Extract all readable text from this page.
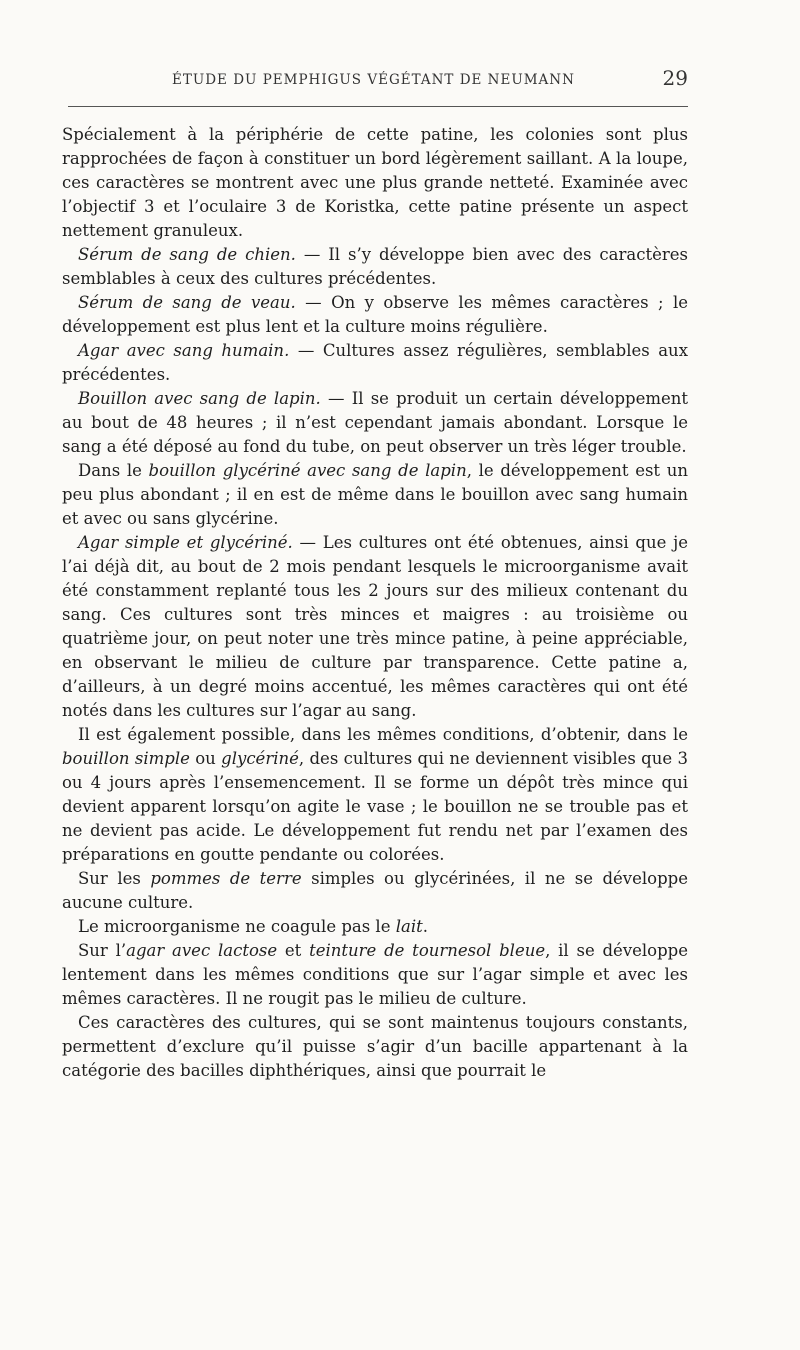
ÉTUDE DU PEMPHIGUS VÉGÉTANT DE NEUMANN	29

Spécialement à la périphérie de cette patine, les colonies sont plus rapprochées de façon à constituer un bord légèrement saillant. A la loupe, ces caractères se montrent avec une plus grande netteté. Examinée avec l’objectif 3 et l’oculaire 3 de Koristka, cette patine présente un aspect nettement granuleux.

Sérum de sang de chien. — Il s’y développe bien avec des caractères semblables à ceux des cultures précédentes.

Sérum de sang de veau. — On y observe les mêmes caractères ; le développement est plus lent et la culture moins régulière.

Agar avec sang humain. — Cultures assez régulières, semblables aux précédentes.

Bouillon avec sang de lapin. — Il se produit un certain développement au bout de 48 heures ; il n’est cependant jamais abondant. Lorsque le sang a été déposé au fond du tube, on peut observer un très léger trouble.

Dans le bouillon glycériné avec sang de lapin, le développement est un peu plus abondant ; il en est de même dans le bouillon avec sang humain et avec ou sans glycérine.

Agar simple et glycériné. — Les cultures ont été obtenues, ainsi que je l’ai déjà dit, au bout de 2 mois pendant lesquels le microorganisme avait été constamment replanté tous les 2 jours sur des milieux contenant du sang. Ces cultures sont très minces et maigres : au troisième ou quatrième jour, on peut noter une très mince patine, à peine appréciable, en observant le milieu de culture par transparence. Cette patine a, d’ailleurs, à un degré moins accentué, les mêmes caractères qui ont été notés dans les cultures sur l’agar au sang.

Il est également possible, dans les mêmes conditions, d’obtenir, dans le bouillon simple ou glycériné, des cultures qui ne deviennent visibles que 3 ou 4 jours après l’ensemencement. Il se forme un dépôt très mince qui devient apparent lorsqu’on agite le vase ; le bouillon ne se trouble pas et ne devient pas acide. Le développement fut rendu net par l’examen des préparations en goutte pendante ou colorées.

Sur les pommes de terre simples ou glycérinées, il ne se développe aucune culture.

Le microorganisme ne coagule pas le lait.

Sur l’agar avec lactose et teinture de tournesol bleue, il se développe lentement dans les mêmes conditions que sur l’agar simple et avec les mêmes caractères. Il ne rougit pas le milieu de culture.

Ces caractères des cultures, qui se sont maintenus toujours constants, permettent d’exclure qu’il puisse s’agir d’un bacille appartenant à la catégorie des bacilles diphthériques, ainsi que pourrait le
